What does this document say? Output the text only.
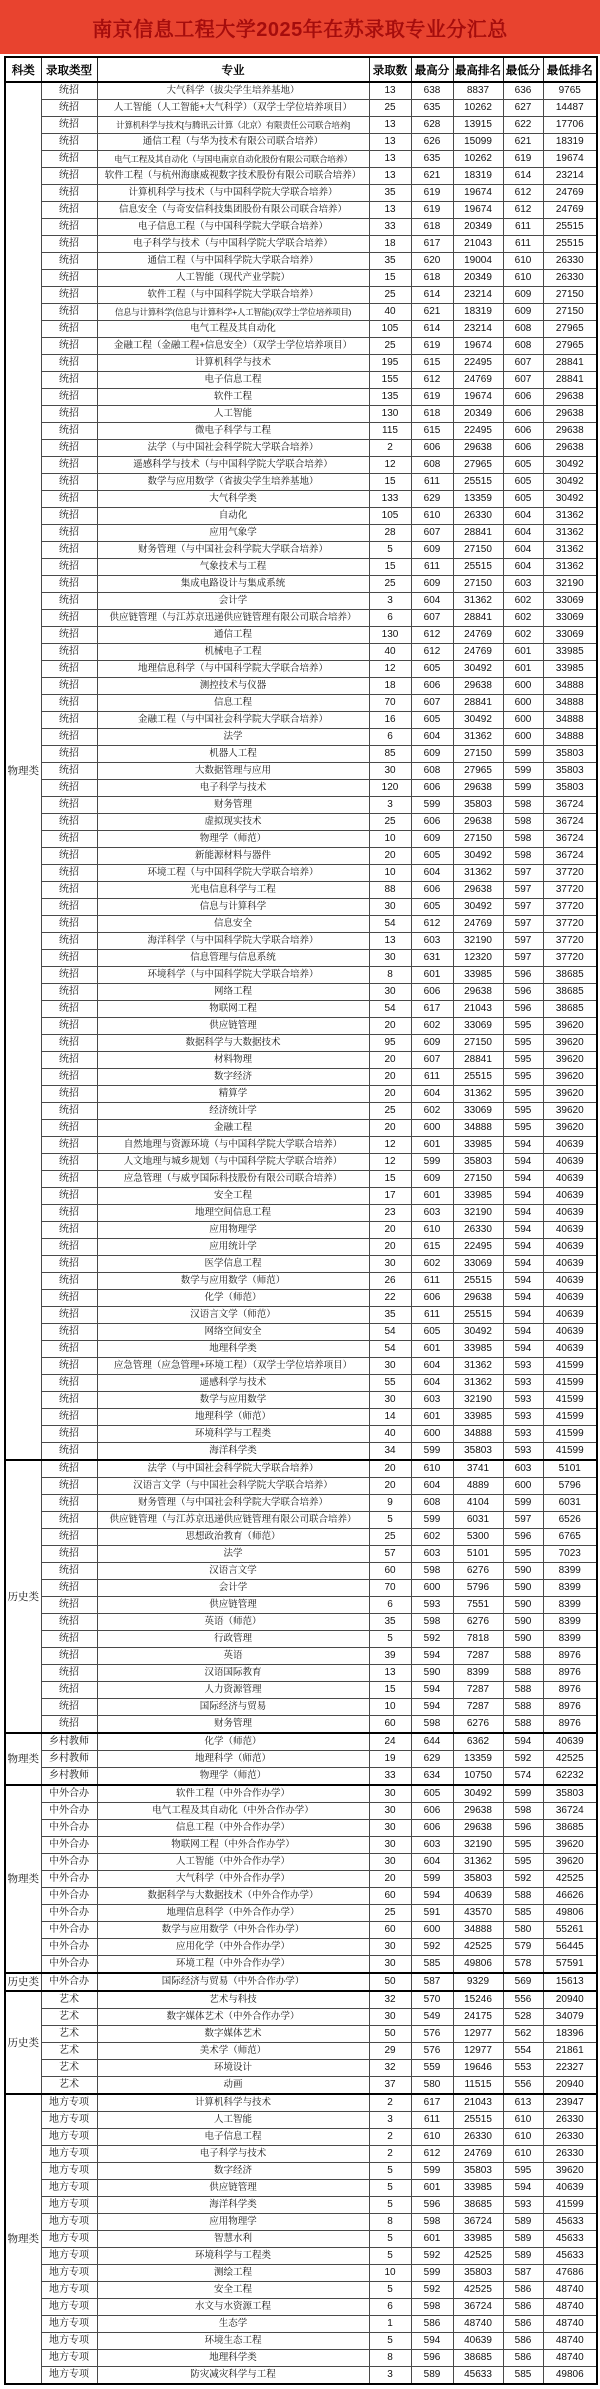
南京信息工程大学2025年在苏录取专业分汇总
科类	录取类型	专业	录取数	最高分	最高排名	最低分	最低排名
物理类	统招	大气科学（拔尖学生培养基地）	13	638	8837	636	9765
	统招	人工智能（人工智能+大气科学）（双学士学位培养项目）	25	635	10262	627	14487
	统招	计算机科学与技术[与腾讯云计算（北京）有限责任公司联合培养]	13	628	13915	622	17706
	统招	通信工程（与华为技术有限公司联合培养）	13	626	15099	621	18319
	统招	电气工程及其自动化（与国电南京自动化股份有限公司联合培养）	13	635	10262	619	19674
	统招	软件工程（与杭州海康威视数字技术股份有限公司联合培养）	13	621	18319	614	23214
	统招	计算机科学与技术（与中国科学院大学联合培养）	35	619	19674	612	24769
	统招	信息安全（与奇安信科技集团股份有限公司联合培养）	13	619	19674	612	24769
	统招	电子信息工程（与中国科学院大学联合培养）	33	618	20349	611	25515
	统招	电子科学与技术（与中国科学院大学联合培养）	18	617	21043	611	25515
	统招	通信工程（与中国科学院大学联合培养）	35	620	19004	610	26330
	统招	人工智能（现代产业学院）	15	618	20349	610	26330
	统招	软件工程（与中国科学院大学联合培养）	25	614	23214	609	27150
	统招	信息与计算科学(信息与计算科学+人工智能)(双学士学位培养项目)	40	621	18319	609	27150
	统招	电气工程及其自动化	105	614	23214	608	27965
	统招	金融工程（金融工程+信息安全）（双学士学位培养项目）	25	619	19674	608	27965
	统招	计算机科学与技术	195	615	22495	607	28841
	统招	电子信息工程	155	612	24769	607	28841
	统招	软件工程	135	619	19674	606	29638
	统招	人工智能	130	618	20349	606	29638
	统招	微电子科学与工程	115	615	22495	606	29638
	统招	法学（与中国社会科学院大学联合培养）	2	606	29638	606	29638
	统招	遥感科学与技术（与中国科学院大学联合培养）	12	608	27965	605	30492
	统招	数学与应用数学（省拔尖学生培养基地）	15	611	25515	605	30492
	统招	大气科学类	133	629	13359	605	30492
	统招	自动化	105	610	26330	604	31362
	统招	应用气象学	28	607	28841	604	31362
	统招	财务管理（与中国社会科学院大学联合培养）	5	609	27150	604	31362
	统招	气象技术与工程	15	611	25515	604	31362
	统招	集成电路设计与集成系统	25	609	27150	603	32190
	统招	会计学	3	604	31362	602	33069
	统招	供应链管理（与江苏京迅递供应链管理有限公司联合培养）	6	607	28841	602	33069
	统招	通信工程	130	612	24769	602	33069
	统招	机械电子工程	40	612	24769	601	33985
	统招	地理信息科学（与中国科学院大学联合培养）	12	605	30492	601	33985
	统招	测控技术与仪器	18	606	29638	600	34888
	统招	信息工程	70	607	28841	600	34888
	统招	金融工程（与中国社会科学院大学联合培养）	16	605	30492	600	34888
	统招	法学	6	604	31362	600	34888
	统招	机器人工程	85	609	27150	599	35803
	统招	大数据管理与应用	30	608	27965	599	35803
	统招	电子科学与技术	120	606	29638	599	35803
	统招	财务管理	3	599	35803	598	36724
	统招	虚拟现实技术	25	606	29638	598	36724
	统招	物理学（师范）	10	609	27150	598	36724
	统招	新能源材料与器件	20	605	30492	598	36724
	统招	环境工程（与中国科学院大学联合培养）	10	604	31362	597	37720
	统招	光电信息科学与工程	88	606	29638	597	37720
	统招	信息与计算科学	30	605	30492	597	37720
	统招	信息安全	54	612	24769	597	37720
	统招	海洋科学（与中国科学院大学联合培养）	13	603	32190	597	37720
	统招	信息管理与信息系统	30	631	12320	597	37720
	统招	环境科学（与中国科学院大学联合培养）	8	601	33985	596	38685
	统招	网络工程	30	606	29638	596	38685
	统招	物联网工程	54	617	21043	596	38685
	统招	供应链管理	20	602	33069	595	39620
	统招	数据科学与大数据技术	95	609	27150	595	39620
	统招	材料物理	20	607	28841	595	39620
	统招	数字经济	20	611	25515	595	39620
	统招	精算学	20	604	31362	595	39620
	统招	经济统计学	25	602	33069	595	39620
	统招	金融工程	20	600	34888	595	39620
	统招	自然地理与资源环境（与中国科学院大学联合培养）	12	601	33985	594	40639
	统招	人文地理与城乡规划（与中国科学院大学联合培养）	12	599	35803	594	40639
	统招	应急管理（与威亨国际科技股份有限公司联合培养）	15	609	27150	594	40639
	统招	安全工程	17	601	33985	594	40639
	统招	地理空间信息工程	23	603	32190	594	40639
	统招	应用物理学	20	610	26330	594	40639
	统招	应用统计学	20	615	22495	594	40639
	统招	医学信息工程	30	602	33069	594	40639
	统招	数学与应用数学（师范）	26	611	25515	594	40639
	统招	化学（师范）	22	606	29638	594	40639
	统招	汉语言文学（师范）	35	611	25515	594	40639
	统招	网络空间安全	54	605	30492	594	40639
	统招	地理科学类	54	601	33985	594	40639
	统招	应急管理（应急管理+环境工程）（双学士学位培养项目）	30	604	31362	593	41599
	统招	遥感科学与技术	55	604	31362	593	41599
	统招	数学与应用数学	30	603	32190	593	41599
	统招	地理科学（师范）	14	601	33985	593	41599
	统招	环境科学与工程类	40	600	34888	593	41599
	统招	海洋科学类	34	599	35803	593	41599
历史类	统招	法学（与中国社会科学院大学联合培养）	20	610	3741	603	5101
	统招	汉语言文学（与中国社会科学院大学联合培养）	20	604	4889	600	5796
	统招	财务管理（与中国社会科学院大学联合培养）	9	608	4104	599	6031
	统招	供应链管理（与江苏京迅递供应链管理有限公司联合培养）	5	599	6031	597	6526
	统招	思想政治教育（师范）	25	602	5300	596	6765
	统招	法学	57	603	5101	595	7023
	统招	汉语言文学	60	598	6276	590	8399
	统招	会计学	70	600	5796	590	8399
	统招	供应链管理	6	593	7551	590	8399
	统招	英语（师范）	35	598	6276	590	8399
	统招	行政管理	5	592	7818	590	8399
	统招	英语	39	594	7287	588	8976
	统招	汉语国际教育	13	590	8399	588	8976
	统招	人力资源管理	15	594	7287	588	8976
	统招	国际经济与贸易	10	594	7287	588	8976
	统招	财务管理	60	598	6276	588	8976
物理类	乡村教师	化学（师范）	24	644	6362	594	40639
	乡村教师	地理科学（师范）	19	629	13359	592	42525
	乡村教师	物理学（师范）	33	634	10750	574	62232
物理类	中外合办	软件工程（中外合作办学）	30	605	30492	599	35803
	中外合办	电气工程及其自动化（中外合作办学）	30	606	29638	598	36724
	中外合办	信息工程（中外合作办学）	30	606	29638	596	38685
	中外合办	物联网工程（中外合作办学）	30	603	32190	595	39620
	中外合办	人工智能（中外合作办学）	30	604	31362	595	39620
	中外合办	大气科学（中外合作办学）	20	599	35803	592	42525
	中外合办	数据科学与大数据技术（中外合作办学）	60	594	40639	588	46626
	中外合办	地理信息科学（中外合作办学）	25	591	43570	585	49806
	中外合办	数学与应用数学（中外合作办学）	60	600	34888	580	55261
	中外合办	应用化学（中外合作办学）	30	592	42525	579	56445
	中外合办	环境工程（中外合作办学）	30	585	49806	578	57591
历史类	中外合办	国际经济与贸易（中外合作办学）	50	587	9329	569	15613
历史类	艺术	艺术与科技	32	570	15246	556	20940
	艺术	数字媒体艺术（中外合作办学）	30	549	24175	528	34079
	艺术	数字媒体艺术	50	576	12977	562	18396
	艺术	美术学（师范）	29	576	12977	554	21861
	艺术	环境设计	32	559	19646	553	22327
	艺术	动画	37	580	11515	556	20940
物理类	地方专项	计算机科学与技术	2	617	21043	613	23947
	地方专项	人工智能	3	611	25515	610	26330
	地方专项	电子信息工程	2	610	26330	610	26330
	地方专项	电子科学与技术	2	612	24769	610	26330
	地方专项	数字经济	5	599	35803	595	39620
	地方专项	供应链管理	5	601	33985	594	40639
	地方专项	海洋科学类	5	596	38685	593	41599
	地方专项	应用物理学	8	598	36724	589	45633
	地方专项	智慧水利	5	601	33985	589	45633
	地方专项	环境科学与工程类	5	592	42525	589	45633
	地方专项	测绘工程	10	599	35803	587	47686
	地方专项	安全工程	5	592	42525	586	48740
	地方专项	水文与水资源工程	6	598	36724	586	48740
	地方专项	生态学	1	586	48740	586	48740
	地方专项	环境生态工程	5	594	40639	586	48740
	地方专项	地理科学类	8	596	38685	586	48740
	地方专项	防灾减灾科学与工程	3	589	45633	585	49806
